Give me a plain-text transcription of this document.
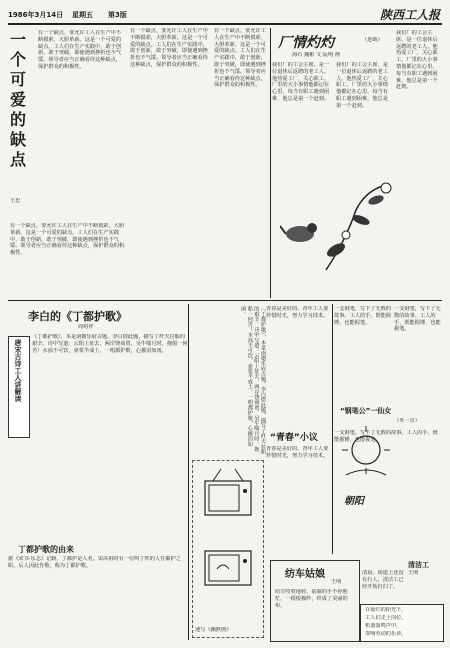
1986年3月14日 星期五 第3版	陕西工人报
一个可爱的缺点
王忠
有一个缺点，要允许工人在生产中不断摸索，大胆革新。这是一个可爱的缺点。工人们在生产实践中，敢于创新，敢于突破，即使遇到挫折也不气馁。领导者应当正确看待这种缺点，保护群众的积极性。
有一个缺点，要允许工人在生产中不断摸索，大胆革新。这是一个可爱的缺点。工人们在生产实践中，敢于创新，敢于突破，即使遇到挫折也不气馁。领导者应当正确看待这种缺点，保护群众的积极性。
有一个缺点，要允许工人在生产中不断摸索，大胆革新。这是一个可爱的缺点。工人们在生产实践中，敢于创新，敢于突破，即使遇到挫折也不气馁。领导者应当正确看待这种缺点，保护群众的积极性。
有一个缺点，要允许工人在生产中不断摸索，大胆革新。这是一个可爱的缺点。工人们在生产实践中，敢于创新，敢于突破，即使遇到挫折也不气馁。领导者应当正确看待这种缺点，保护群众的积极性。
厂情灼灼	（连载）
海石 魏彬 文 阮明 画
我们厂的工会主席，是一位退休后返聘的老工人。他热爱工厂，关心职工，厂里的大小事情他都记在心里。每当有职工遇到困难，他总是第一个赶到。
我们厂的工会主席，是一位退休后返聘的老工人。他热爱工厂，关心职工，厂里的大小事情他都记在心里。每当有职工遇到困难，他总是第一个赶到。
我们厂的工会主席，是一位退休后返聘的老工人。他热爱工厂，关心职工，厂里的大小事情他都记在心里。每当有职工遇到困难，他总是第一个赶到。
李白的《丁都护歌》
周绍祥
唐宋古诗工人讲解读
《丁都护歌》，本是南朝乐府古题。李白借此题，描写了纤夫拉船的艰辛。诗中写道：云阳上征去，两岸饶商贾。吴牛喘月时，拖船一何苦！水浊不可饮，壶浆半成土。一唱都护歌，心摧泪如雨。
丁都护歌的由来
据《宋书·乐志》记载，丁都护是人名，宋高祖时有一位叫丁旿的人任都护之职。后人因此作歌，称为丁都护歌。
《丁都护歌》，本是南朝乐府古题。李白借此题，描写了纤夫拉船的艰辛。诗中写道：云阳上征去，两岸饶商贾。吴牛喘月时，拖船一何苦！水浊不可饮，壶浆半成土。一唱都护歌，心摧泪如雨。
速写《幽默画》
青春是美好的。青年工人要珍惜时光，努力学习技术。
“青春”小议
青春是美好的。青年工人要珍惜时光，努力学习技术。
“钢笔公”一仙女
（外一首）
一支钢笔，写下了无数的故事。工人的手，既能握锤，也能握笔。
一支钢笔，写下了无数的故事。工人的手，既能握锤，也能握笔。
一支钢笔，写下了无数的故事。工人的手，既能握锤，也能握笔。
朝阳
清洁工
王明
清晨，街道上还没有行人，清洁工已经开始打扫了。
纺车姑娘
王明
纺车吱吱地转，姑娘的手不停地忙。一根根棉纱，织成了美丽的布。
在灿烂的阳光下，
工人们走上岗位，
机器轰鸣声中，
奏响劳动的乐章。
